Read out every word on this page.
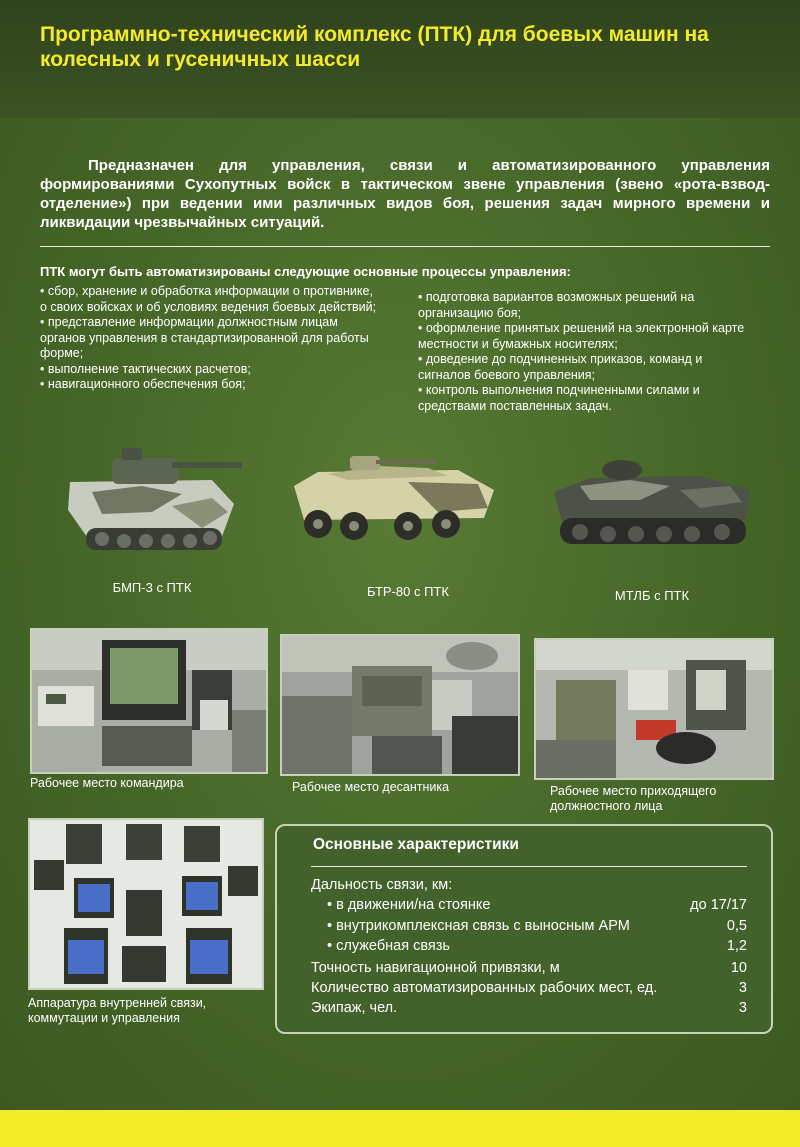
Программно-технический комплекс (ПТК) для боевых машин на колесных и гусеничных шасси
Предназначен для управления, связи и автоматизированного управления формированиями Сухопутных войск в тактическом звене управления (звено «рота-взвод-отделение») при ведении ими различных видов боя, решения задач мирного времени и ликвидации чрезвычайных ситуаций.
ПТК могут быть автоматизированы следующие основные процессы управления:

• сбор, хранение и обработка информации о противнике, о своих войсках и об условиях ведения боевых действий;

• представление информации должностным лицам органов управления в стандартизированной для работы форме;

• выполнение тактических расчетов;

• навигационного обеспечения боя;

• подготовка вариантов возможных решений на организацию боя;

• оформление принятых решений на электронной карте местности и бумажных носителях;

• доведение до подчиненных приказов, команд и сигналов боевого управления;

• контроль выполнения подчиненными силами и средствами поставленных задач.

БМП-3 с ПТК	БТР-80 с ПТК	МТЛБ с ПТК
Рабочее место командира	Рабочее место десантника	Рабочее место приходящего должностного лица
Аппаратура внутренней связи, коммутации и управления
Основные характеристики
Дальность связи, км:
• в движении/на стоянке	до 17/17
• внутрикомплексная связь с выносным АРМ	0,5
• служебная связь	1,2
Точность навигационной привязки, м	10
Количество автоматизированных рабочих мест, ед.	3
Экипаж, чел.	3
